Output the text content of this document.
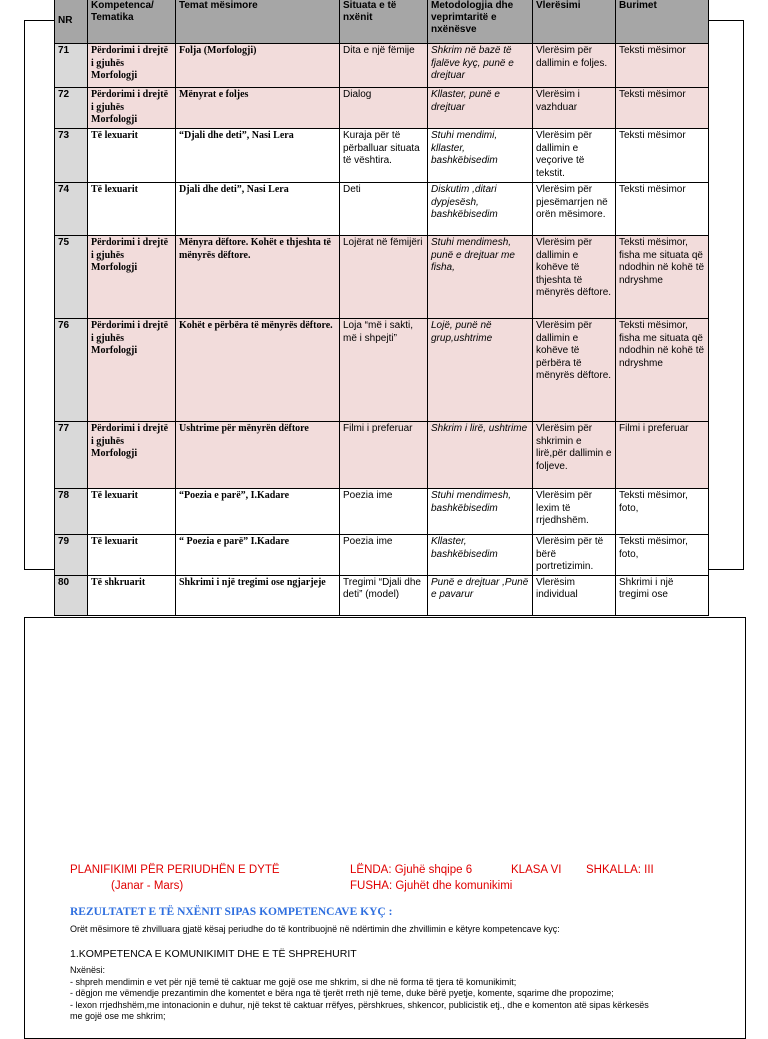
NR	Kompetenca/ Tematika	Temat mësimore	Situata e të nxënit	Metodologjia dhe veprimtaritë e nxënësve	Vlerësimi	Burimet
71	Përdorimi i drejtë i gjuhës Morfologji	Folja (Morfologji)	Dita e një fëmije	Shkrim në bazë të fjalëve kyç, punë e drejtuar	Vlerësim për dallimin e foljes.	Teksti mësimor
72	Përdorimi i drejtë i gjuhës Morfologji	Mënyrat e foljes	Dialog	Kllaster, punë e drejtuar	Vlerësim i vazhduar	Teksti mësimor
73	Të lexuarit	“Djali dhe deti”, Nasi Lera	Kuraja për të përballuar situata të vështira.	Stuhi mendimi, kllaster, bashkëbisedim	Vlerësim për dallimin e veçorive të tekstit.	Teksti mësimor
74	Të lexuarit	Djali dhe deti”, Nasi Lera	Deti	Diskutim ,ditari dypjesësh, bashkëbisedim	Vlerësim për pjesëmarrjen në orën mësimore.	Teksti mësimor
75	Përdorimi i drejtë i gjuhës Morfologji	Mënyra dëftore. Kohët e thjeshta të mënyrës dëftore.	Lojërat në fëmijëri	Stuhi mendimesh, punë e drejtuar me fisha,	Vlerësim për dallimin e kohëve të thjeshta të mënyrës dëftore.	Teksti mësimor, fisha me situata që ndodhin në kohë të ndryshme
76	Përdorimi i drejtë i gjuhës Morfologji	Kohët e përbëra të mënyrës dëftore.	Loja “më i sakti, më i shpejti”	Lojë, punë në grup,ushtrime	Vlerësim për dallimin e kohëve të përbëra të mënyrës dëftore.	Teksti mësimor, fisha me situata që ndodhin në kohë të ndryshme
77	Përdorimi i drejtë i gjuhës Morfologji	Ushtrime për mënyrën dëftore	Filmi i preferuar	Shkrim i lirë, ushtrime	Vlerësim për shkrimin e lirë,për dallimin e foljeve.	Filmi i preferuar
78	Të lexuarit	“Poezia e parë”, I.Kadare	Poezia ime	Stuhi mendimesh, bashkëbisedim	Vlerësim për lexim të rrjedhshëm.	Teksti mësimor, foto,
79	Të lexuarit	“ Poezia e parë” I.Kadare	Poezia ime	Kllaster, bashkëbisedim	Vlerësim për të bërë portretizimin.	Teksti mësimor, foto,
80	Të shkruarit	Shkrimi i një tregimi ose ngjarjeje	Tregimi “Djali dhe deti” (model)	Punë e drejtuar ,Punë e pavarur	Vlerësim individual	Shkrimi i një tregimi ose
PLANIFIKIMI PËR PERIUDHËN E DYTË
(Janar - Mars)
LËNDA: Gjuhë shqipe 6	KLASA VI SHKALLA: III
FUSHA: Gjuhët dhe komunikimi
REZULTATET E TË NXËNIT SIPAS KOMPETENCAVE KYÇ :
Orët mësimore të zhvilluara gjatë kësaj periudhe do të kontribuojnë në ndërtimin dhe zhvillimin e këtyre kompetencave kyç:
1.KOMPETENCA E KOMUNIKIMIT DHE E TË SHPREHURIT
Nxënësi:
- shpreh mendimin e vet për një temë të caktuar me gojë ose me shkrim, si dhe në forma të tjera të komunikimit;
- dëgjon me vëmendje prezantimin dhe komentet e bëra nga të tjerët rreth një teme, duke bërë pyetje, komente, sqarime dhe propozime;
- lexon rrjedhshëm,me intonacionin e duhur, një tekst të caktuar rrëfyes, përshkrues, shkencor, publicistik etj., dhe e komenton atë sipas kërkesës
me gojë ose me shkrim;
